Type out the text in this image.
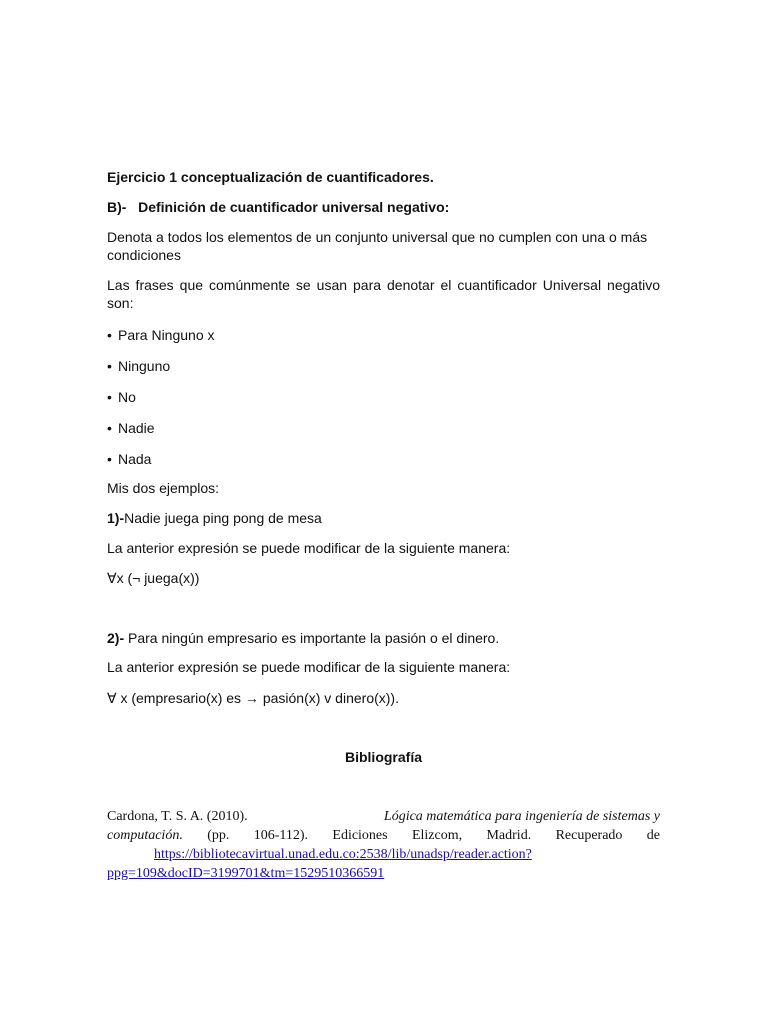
Ejercicio 1 conceptualización de cuantificadores.
B)- Definición de cuantificador universal negativo:
Denota a todos los elementos de un conjunto universal que no cumplen con una o más condiciones
Las frases que comúnmente se usan para denotar el cuantificador Universal negativo son:
• Para Ninguno x
• Ninguno
• No
• Nadie
• Nada
Mis dos ejemplos:
1)-Nadie juega ping pong de mesa
La anterior expresión se puede modificar de la siguiente manera:
∀x (¬ juega(x))
2)- Para ningún empresario es importante la pasión o el dinero.
La anterior expresión se puede modificar de la siguiente manera:
∀ x (empresario(x) es → pasión(x) v dinero(x)).
Bibliografía
Cardona, T. S. A. (2010).	Lógica matemática para ingeniería de sistemas y
computación. (pp. 106-112). Ediciones Elizcom, Madrid. Recuperado de
https://bibliotecavirtual.unad.edu.co:2538/lib/unadsp/reader.action?
ppg=109&docID=3199701&tm=1529510366591
